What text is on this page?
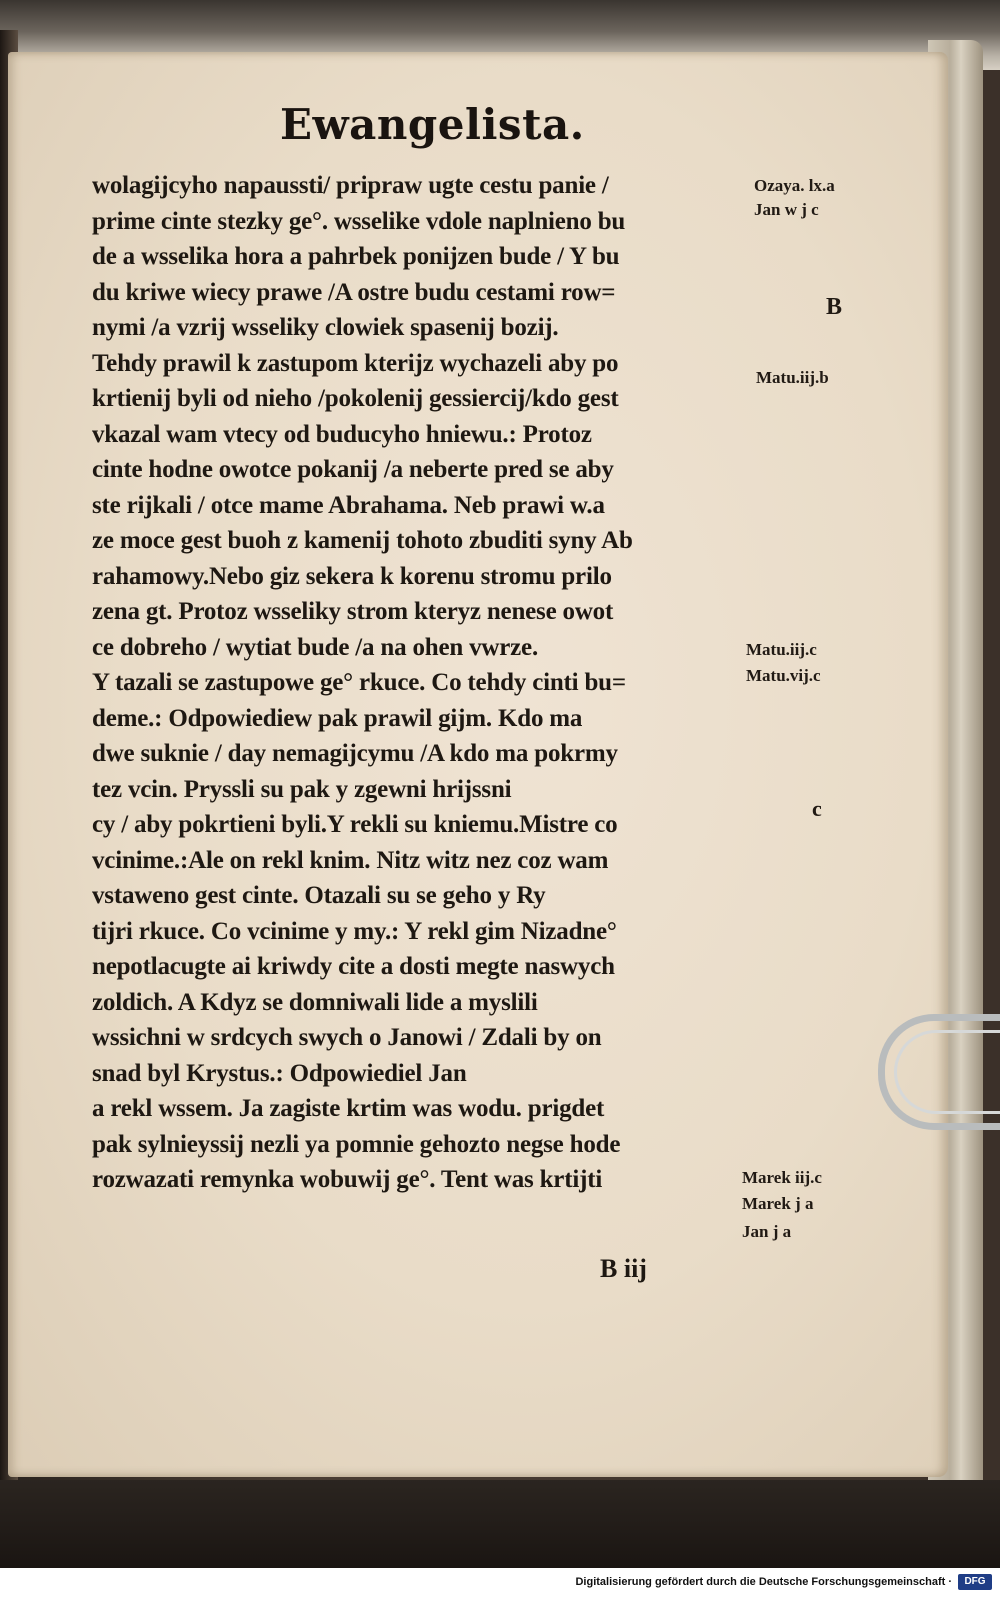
Ewangelista.
wolagijcyho napaussti/ pripraw ugte cestu panie /
prime cinte stezky ge°. wsselike vdole naplnieno bu
de a wsselika hora a pahrbek ponijzen bude / Y bu
du kriwe wiecy prawe /A ostre budu cestami row=
nymi /a vzrij wsseliky clowiek spasenij bozij.
Tehdy prawil k zastupom kterijz wychazeli aby po
krtienij byli od nieho /pokolenij gessiercij/kdo gest
vkazal wam vtecy od buducyho hniewu.: Protoz
cinte hodne owotce pokanij /a neberte pred se aby
ste rijkali / otce mame Abrahama. Neb prawi w.a
ze moce gest buoh z kamenij tohoto zbuditi syny Ab
rahamowy.Nebo giz sekera k korenu stromu prilo
zena gt. Protoz wsseliky strom kteryz nenese owot
ce dobreho / wytiat bude /a na ohen vwrze.
Y tazali se zastupowe ge° rkuce. Co tehdy cinti bu=
deme.: Odpowiediew pak prawil gijm. Kdo ma
dwe suknie / day nemagijcymu /A kdo ma pokrmy
tez vcin. Prysslі su pak y zgewni hrijssni
cy / aby pokrtieni byli.Y rekli su kniemu.Mistre co
vcinime.:Ale on rekl knim. Nitz witz nez coz wam
vstaweno gest cinte. Otazali su se geho y Ry
tijri rkuce. Co vcinime y my.: Y rekl gim Nizadne°
nepotlacugte ai kriwdy cite a dosti megte naswych
zoldich. A Kdyz se domniwali lide a myslili
wssichni w srdcych swych o Janowi / Zdali by on
snad byl Krystus.: Odpowiediel Jan
a rekl wssem. Ja zagiste krtim was wodu. prigdet
pak sylnieyssij nezli ya pomnie gehozto negse hode
rozwazati remynka wobuwij ge°. Tent was krtijti
B iij
Ozaya. lx.a
Jan w j c
B
Matu.iij.b
Matu.iij.c
Matu.vij.c
c
Marek iij.c
Marek j a
Jan j a
Digitalisierung gefördert durch die Deutsche Forschungsgemeinschaft ·	DFG
